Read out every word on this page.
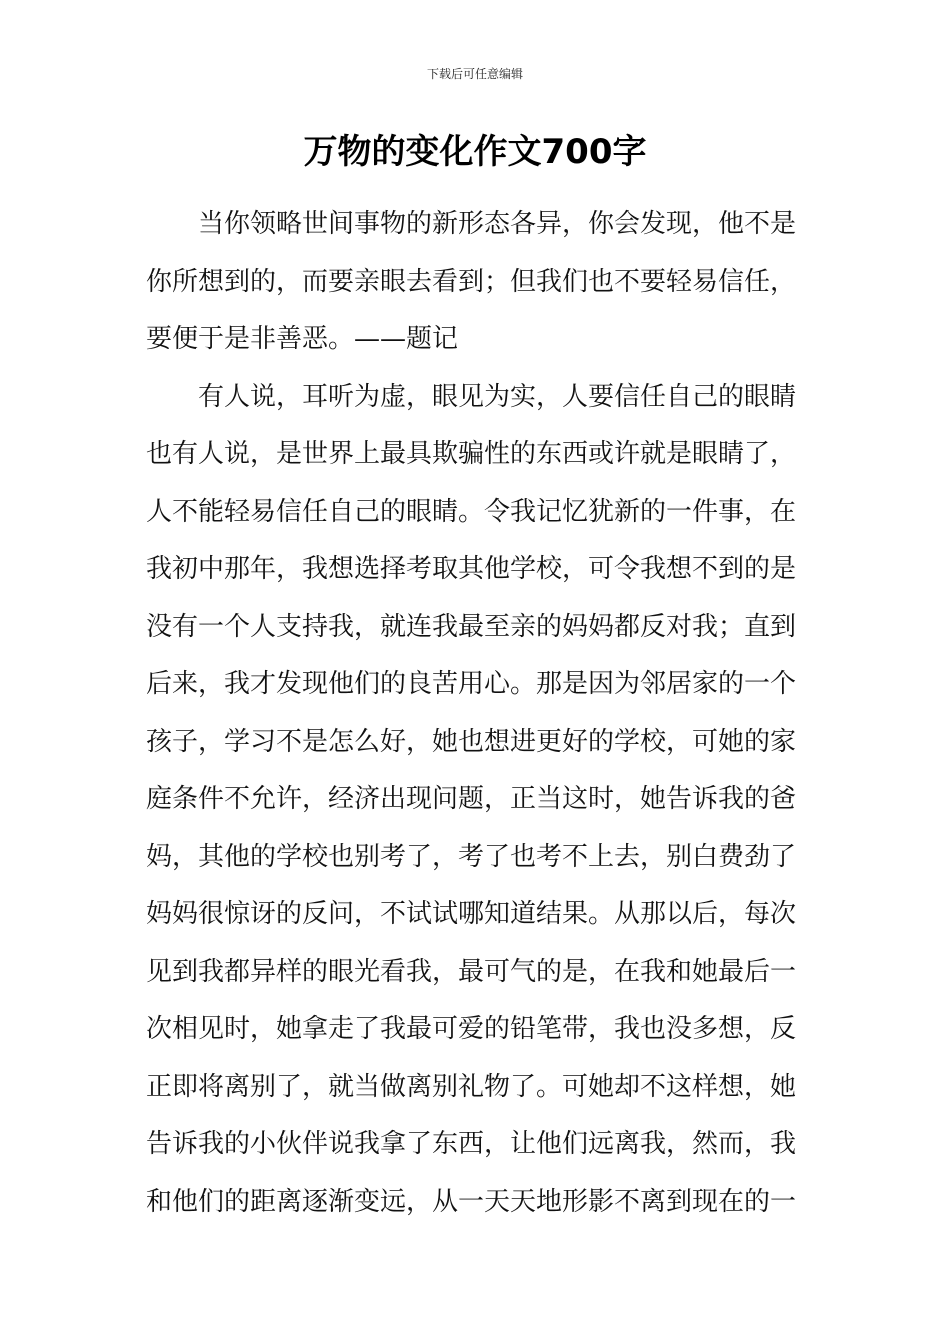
下载后可任意编辑
万物的变化作文700字

当你领略世间事物的新形态各异，你会发现，他不是
你所想到的，而要亲眼去看到；但我们也不要轻易信任，
要便于是非善恶。——题记

有人说，耳听为虚，眼见为实，人要信任自己的眼睛
也有人说，是世界上最具欺骗性的东西或许就是眼睛了，
人不能轻易信任自己的眼睛。令我记忆犹新的一件事，在
我初中那年，我想选择考取其他学校，可令我想不到的是
没有一个人支持我，就连我最至亲的妈妈都反对我；直到
后来，我才发现他们的良苦用心。那是因为邻居家的一个
孩子，学习不是怎么好，她也想进更好的学校，可她的家
庭条件不允许，经济出现问题，正当这时，她告诉我的爸
妈，其他的学校也别考了，考了也考不上去，别白费劲了
妈妈很惊讶的反问，不试试哪知道结果。从那以后，每次
见到我都异样的眼光看我，最可气的是，在我和她最后一
次相见时，她拿走了我最可爱的铅笔带，我也没多想，反
正即将离别了，就当做离别礼物了。可她却不这样想，她
告诉我的小伙伴说我拿了东西，让他们远离我，然而，我
和他们的距离逐渐变远，从一天天地形影不离到现在的一
